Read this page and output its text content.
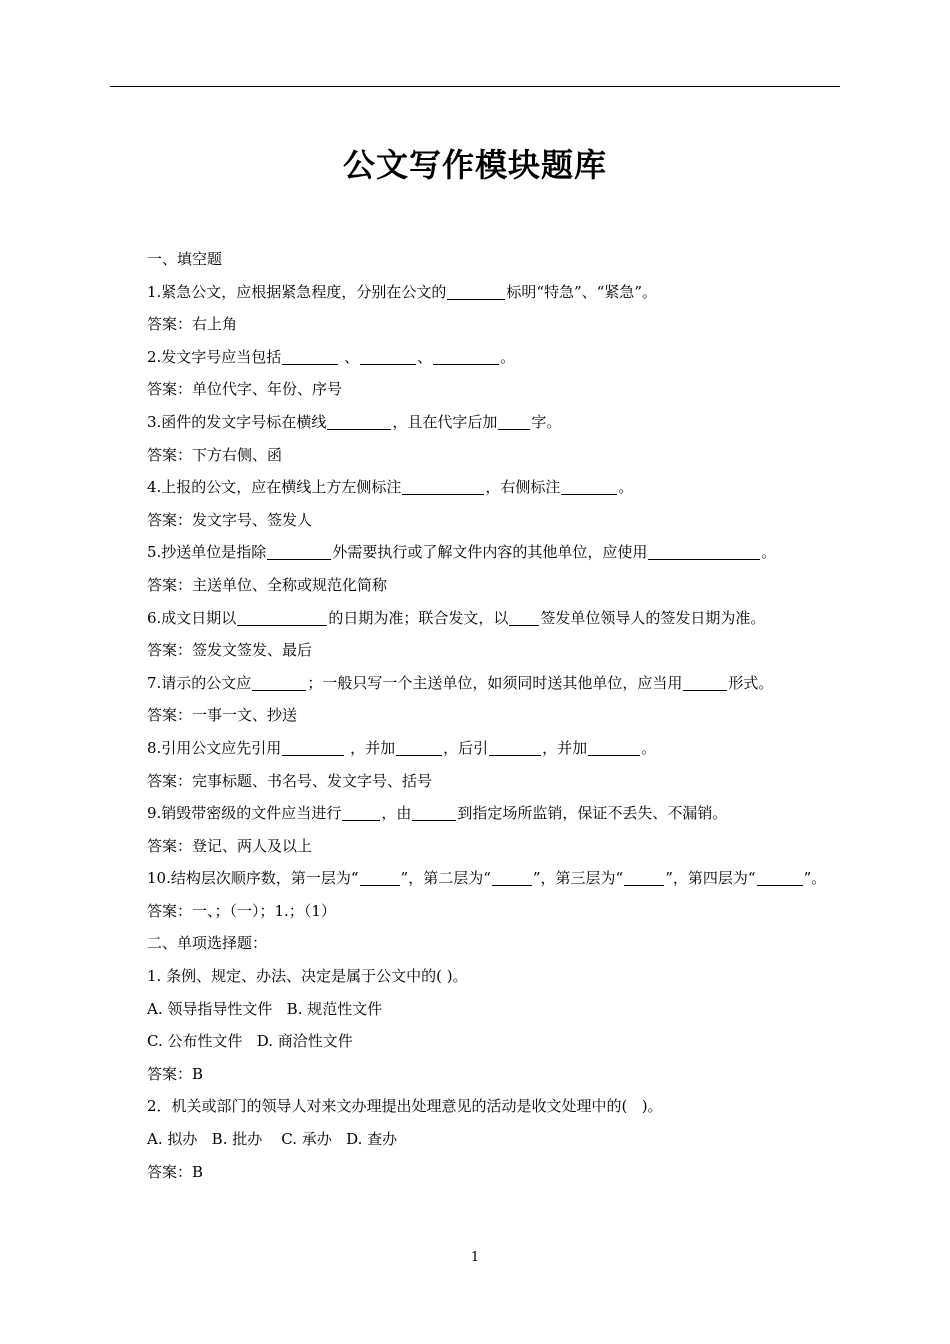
公文写作模块题库

一、填空题

1.紧急公文，应根据紧急程度，分别在公文的	标明“特急”、“紧急”。

答案：右上角

2.发文字号应当包括	、	、	。

答案：单位代字、年份、序号

3.函件的发文字号标在横线	，且在代字后加 字。

答案：下方右侧、函

4.上报的公文，应在横线上方左侧标注	，右侧标注	。

答案：发文字号、签发人

5.抄送单位是指除	外需要执行或了解文件内容的其他单位，应使用	。

答案：主送单位、全称或规范化简称

6.成文日期以	的日期为准；联合发文，以 签发单位领导人的签发日期为准。

答案：签发文签发、最后

7.请示的公文应	；一般只写一个主送单位，如须同时送其他单位，应当用	形式。

答案：一事一文、抄送

8.引用公文应先引用	，并加	，后引	，并加	。

答案：完事标题、书名号、发文字号、括号

9.销毁带密级的文件应当进行	，由	到指定场所监销，保证不丢失、不漏销。

答案：登记、两人及以上

10.结构层次顺序数，第一层为“	”，第二层为“	”，第三层为“	”，第四层为“	”。

答案：一、；（一）；1.；（1）

二、单项选择题：

1. 条例、规定、办法、决定是属于公文中的( )。

A. 领导指导性文件   B. 规范性文件

C. 公布性文件   D. 商洽性文件

答案：B

2．机关或部门的领导人对来文办理提出处理意见的活动是收文处理中的(   )。

A. 拟办   B. 批办    C. 承办   D. 查办

答案：B

1
